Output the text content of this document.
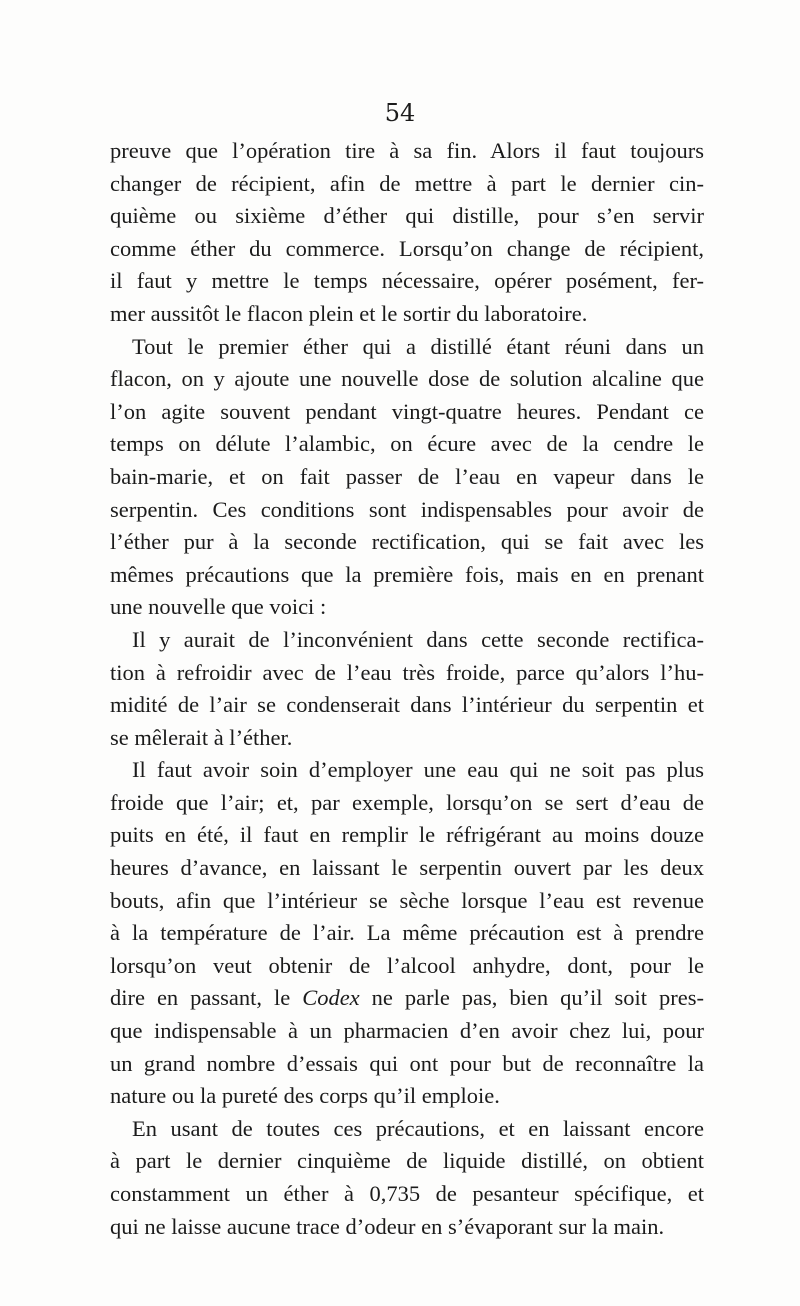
54
preuve que l’opération tire à sa fin. Alors il faut toujours
changer de récipient, afin de mettre à part le dernier cin-
quième ou sixième d’éther qui distille, pour s’en servir
comme éther du commerce. Lorsqu’on change de récipient,
il faut y mettre le temps nécessaire, opérer posément, fer-
mer aussitôt le flacon plein et le sortir du laboratoire.
Tout le premier éther qui a distillé étant réuni dans un
flacon, on y ajoute une nouvelle dose de solution alcaline que
l’on agite souvent pendant vingt-quatre heures. Pendant ce
temps on délute l’alambic, on écure avec de la cendre le
bain-marie, et on fait passer de l’eau en vapeur dans le
serpentin. Ces conditions sont indispensables pour avoir de
l’éther pur à la seconde rectification, qui se fait avec les
mêmes précautions que la première fois, mais en en prenant
une nouvelle que voici :
Il y aurait de l’inconvénient dans cette seconde rectifica-
tion à refroidir avec de l’eau très froide, parce qu’alors l’hu-
midité de l’air se condenserait dans l’intérieur du serpentin et
se mêlerait à l’éther.
Il faut avoir soin d’employer une eau qui ne soit pas plus
froide que l’air; et, par exemple, lorsqu’on se sert d’eau de
puits en été, il faut en remplir le réfrigérant au moins douze
heures d’avance, en laissant le serpentin ouvert par les deux
bouts, afin que l’intérieur se sèche lorsque l’eau est revenue
à la température de l’air. La même précaution est à prendre
lorsqu’on veut obtenir de l’alcool anhydre, dont, pour le
dire en passant, le Codex ne parle pas, bien qu’il soit pres-
que indispensable à un pharmacien d’en avoir chez lui, pour
un grand nombre d’essais qui ont pour but de reconnaître la
nature ou la pureté des corps qu’il emploie.
En usant de toutes ces précautions, et en laissant encore
à part le dernier cinquième de liquide distillé, on obtient
constamment un éther à 0,735 de pesanteur spécifique, et
qui ne laisse aucune trace d’odeur en s’évaporant sur la main.
